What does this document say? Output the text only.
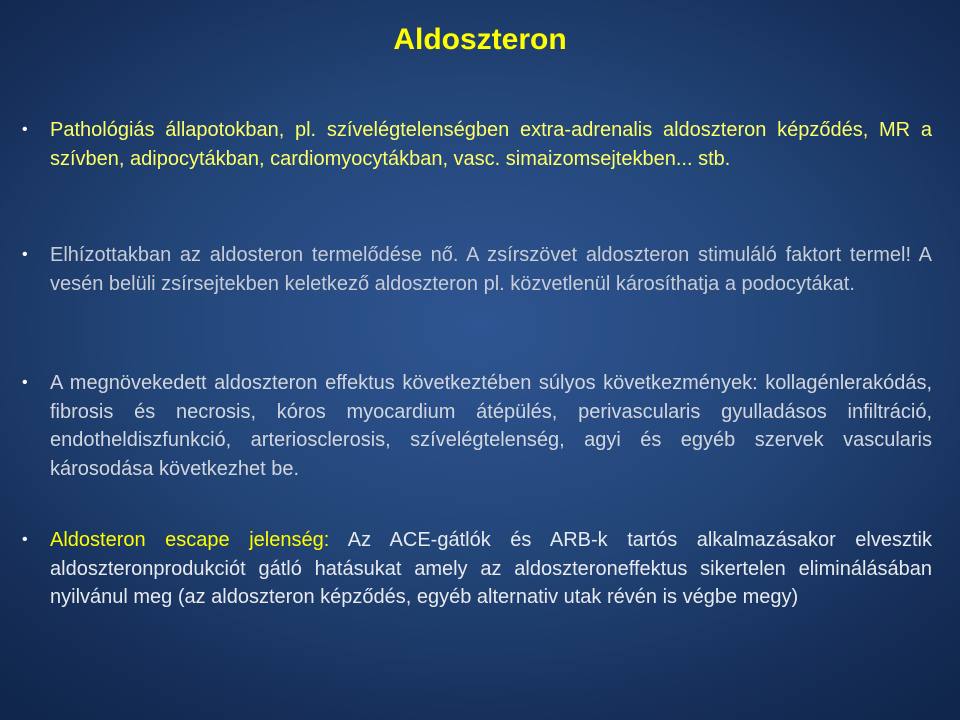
Aldoszteron
• Pathológiás állapotokban, pl. szívelégtelenségben extra-adrenalis aldoszteron képződés, MR a szívben, adipocytákban, cardiomyocytákban, vasc. simaizomsejtekben... stb.
• Elhízottakban az aldosteron termelődése nő. A zsírszövet aldoszteron stimuláló faktort termel! A vesén belüli zsírsejtekben keletkező aldoszteron pl. közvetlenül károsíthatja a podocytákat.
• A megnövekedett aldoszteron effektus következtében súlyos következmények: kollagénlerakódás, fibrosis és necrosis, kóros myocardium átépülés, perivascularis gyulladásos infiltráció, endotheldiszfunkció, arteriosclerosis, szívelégtelenség, agyi és egyéb szervek vascularis károsodása következhet be.
• Aldosteron escape jelenség: Az ACE-gátlók és ARB-k tartós alkalmazásakor elvesztik aldoszteronprodukciót gátló hatásukat amely az aldoszteroneffektus sikertelen eliminálásában nyilvánul meg (az aldoszteron képződés, egyéb alternativ utak révén is végbe megy)
